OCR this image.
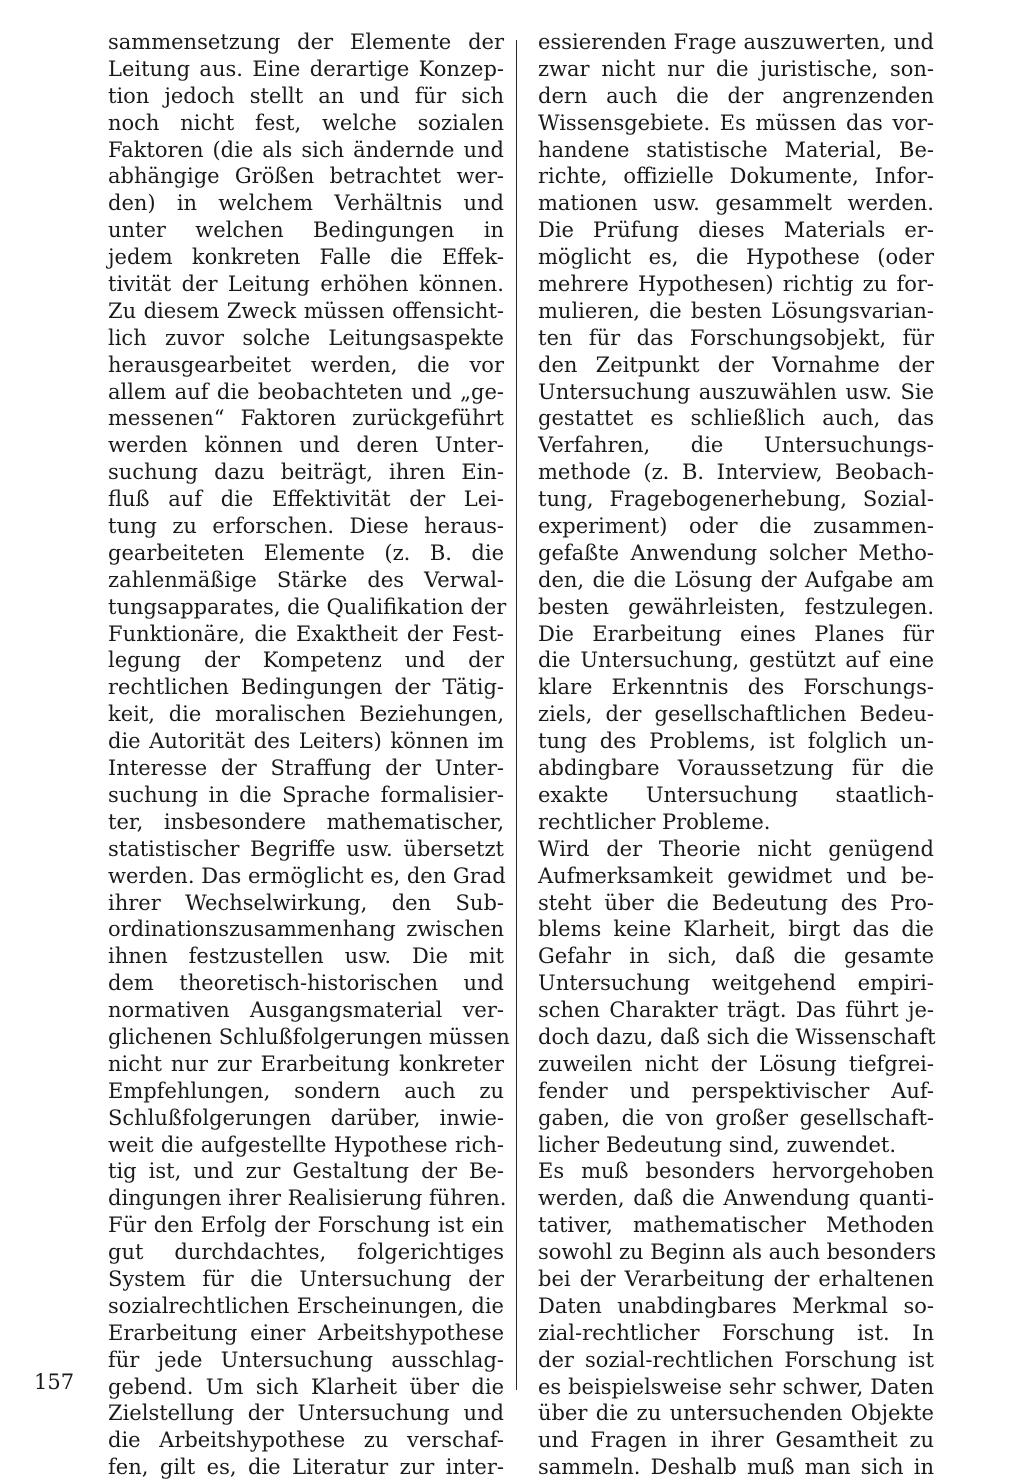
sammensetzung der Elemente der
Leitung aus. Eine derartige Konzep-
tion jedoch stellt an und für sich
noch nicht fest, welche sozialen
Faktoren (die als sich ändernde und
abhängige Größen betrachtet wer-
den) in welchem Verhältnis und
unter welchen Bedingungen in
jedem konkreten Falle die Effek-
tivität der Leitung erhöhen können.
Zu diesem Zweck müssen offensicht-
lich zuvor solche Leitungsaspekte
herausgearbeitet werden, die vor
allem auf die beobachteten und „ge-
messenen“ Faktoren zurückgeführt
werden können und deren Unter-
suchung dazu beiträgt, ihren Ein-
fluß auf die Effektivität der Lei-
tung zu erforschen. Diese heraus-
gearbeiteten Elemente (z. B. die
zahlenmäßige Stärke des Verwal-
tungsapparates, die Qualifikation der
Funktionäre, die Exaktheit der Fest-
legung der Kompetenz und der
rechtlichen Bedingungen der Tätig-
keit, die moralischen Beziehungen,
die Autorität des Leiters) können im
Interesse der Straffung der Unter-
suchung in die Sprache formalisier-
ter, insbesondere mathematischer,
statistischer Begriffe usw. übersetzt
werden. Das ermöglicht es, den Grad
ihrer Wechselwirkung, den Sub-
ordinationszusammenhang zwischen
ihnen festzustellen usw. Die mit
dem theoretisch-historischen und
normativen Ausgangsmaterial ver-
glichenen Schlußfolgerungen müssen
nicht nur zur Erarbeitung konkreter
Empfehlungen, sondern auch zu
Schlußfolgerungen darüber, inwie-
weit die aufgestellte Hypothese rich-
tig ist, und zur Gestaltung der Be-
dingungen ihrer Realisierung führen.
Für den Erfolg der Forschung ist ein
gut durchdachtes, folgerichtiges
System für die Untersuchung der
sozialrechtlichen Erscheinungen, die
Erarbeitung einer Arbeitshypothese
für jede Untersuchung ausschlag-
gebend. Um sich Klarheit über die
Zielstellung der Untersuchung und
die Arbeitshypothese zu verschaf-
fen, gilt es, die Literatur zur inter-
essierenden Frage auszuwerten, und
zwar nicht nur die juristische, son-
dern auch die der angrenzenden
Wissensgebiete. Es müssen das vor-
handene statistische Material, Be-
richte, offizielle Dokumente, Infor-
mationen usw. gesammelt werden.
Die Prüfung dieses Materials er-
möglicht es, die Hypothese (oder
mehrere Hypothesen) richtig zu for-
mulieren, die besten Lösungsvarian-
ten für das Forschungsobjekt, für
den Zeitpunkt der Vornahme der
Untersuchung auszuwählen usw. Sie
gestattet es schließlich auch, das
Verfahren, die Untersuchungs-
methode (z. B. Interview, Beobach-
tung, Fragebogenerhebung, Sozial-
experiment) oder die zusammen-
gefaßte Anwendung solcher Metho-
den, die die Lösung der Aufgabe am
besten gewährleisten, festzulegen.
Die Erarbeitung eines Planes für
die Untersuchung, gestützt auf eine
klare Erkenntnis des Forschungs-
ziels, der gesellschaftlichen Bedeu-
tung des Problems, ist folglich un-
abdingbare Voraussetzung für die
exakte Untersuchung staatlich-
rechtlicher Probleme.
Wird der Theorie nicht genügend
Aufmerksamkeit gewidmet und be-
steht über die Bedeutung des Pro-
blems keine Klarheit, birgt das die
Gefahr in sich, daß die gesamte
Untersuchung weitgehend empiri-
schen Charakter trägt. Das führt je-
doch dazu, daß sich die Wissenschaft
zuweilen nicht der Lösung tiefgrei-
fender und perspektivischer Auf-
gaben, die von großer gesellschaft-
licher Bedeutung sind, zuwendet.
Es muß besonders hervorgehoben
werden, daß die Anwendung quanti-
tativer, mathematischer Methoden
sowohl zu Beginn als auch besonders
bei der Verarbeitung der erhaltenen
Daten unabdingbares Merkmal so-
zial-rechtlicher Forschung ist. In
der sozial-rechtlichen Forschung ist
es beispielsweise sehr schwer, Daten
über die zu untersuchenden Objekte
und Fragen in ihrer Gesamtheit zu
sammeln. Deshalb muß man sich in
157
